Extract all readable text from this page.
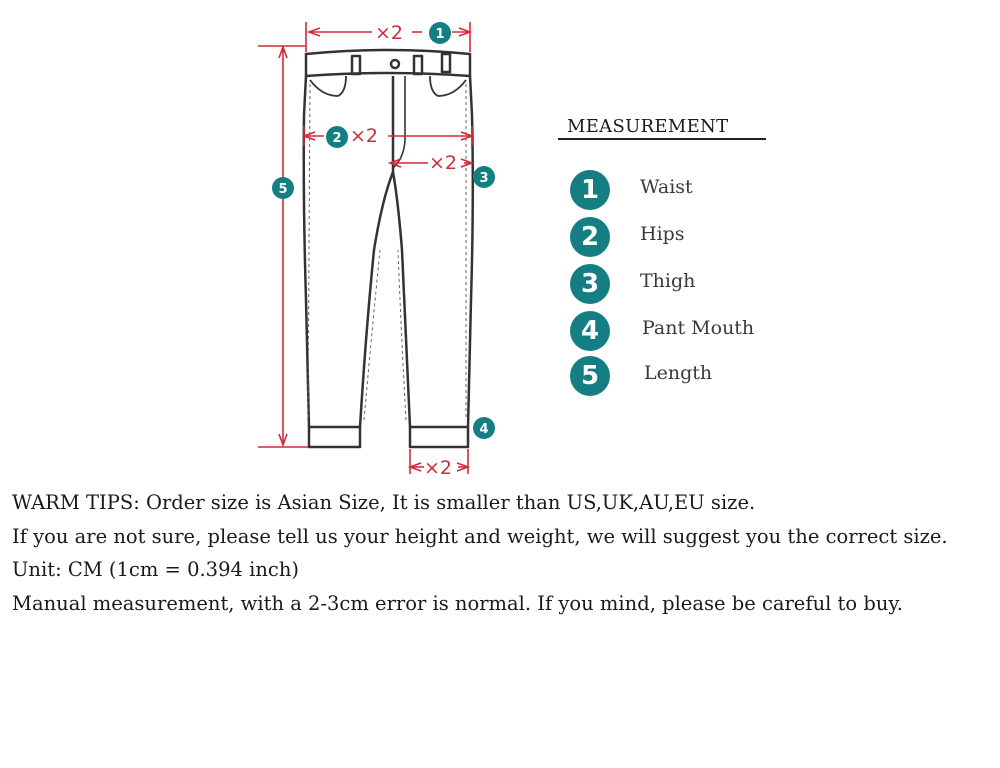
×2
×2
×2
×2
1
2
3
4
5
MEASUREMENT
1	Waist
2	Hips
3	Thigh
4	Pant Mouth
5	Length

WARM TIPS: Order size is Asian Size, It is smaller than US,UK,AU,EU size.

If you are not sure, please tell us your height and weight, we will suggest you the correct size.

Unit: CM (1cm = 0.394 inch)

Manual measurement, with a 2-3cm error is normal. If you mind, please be careful to buy.
